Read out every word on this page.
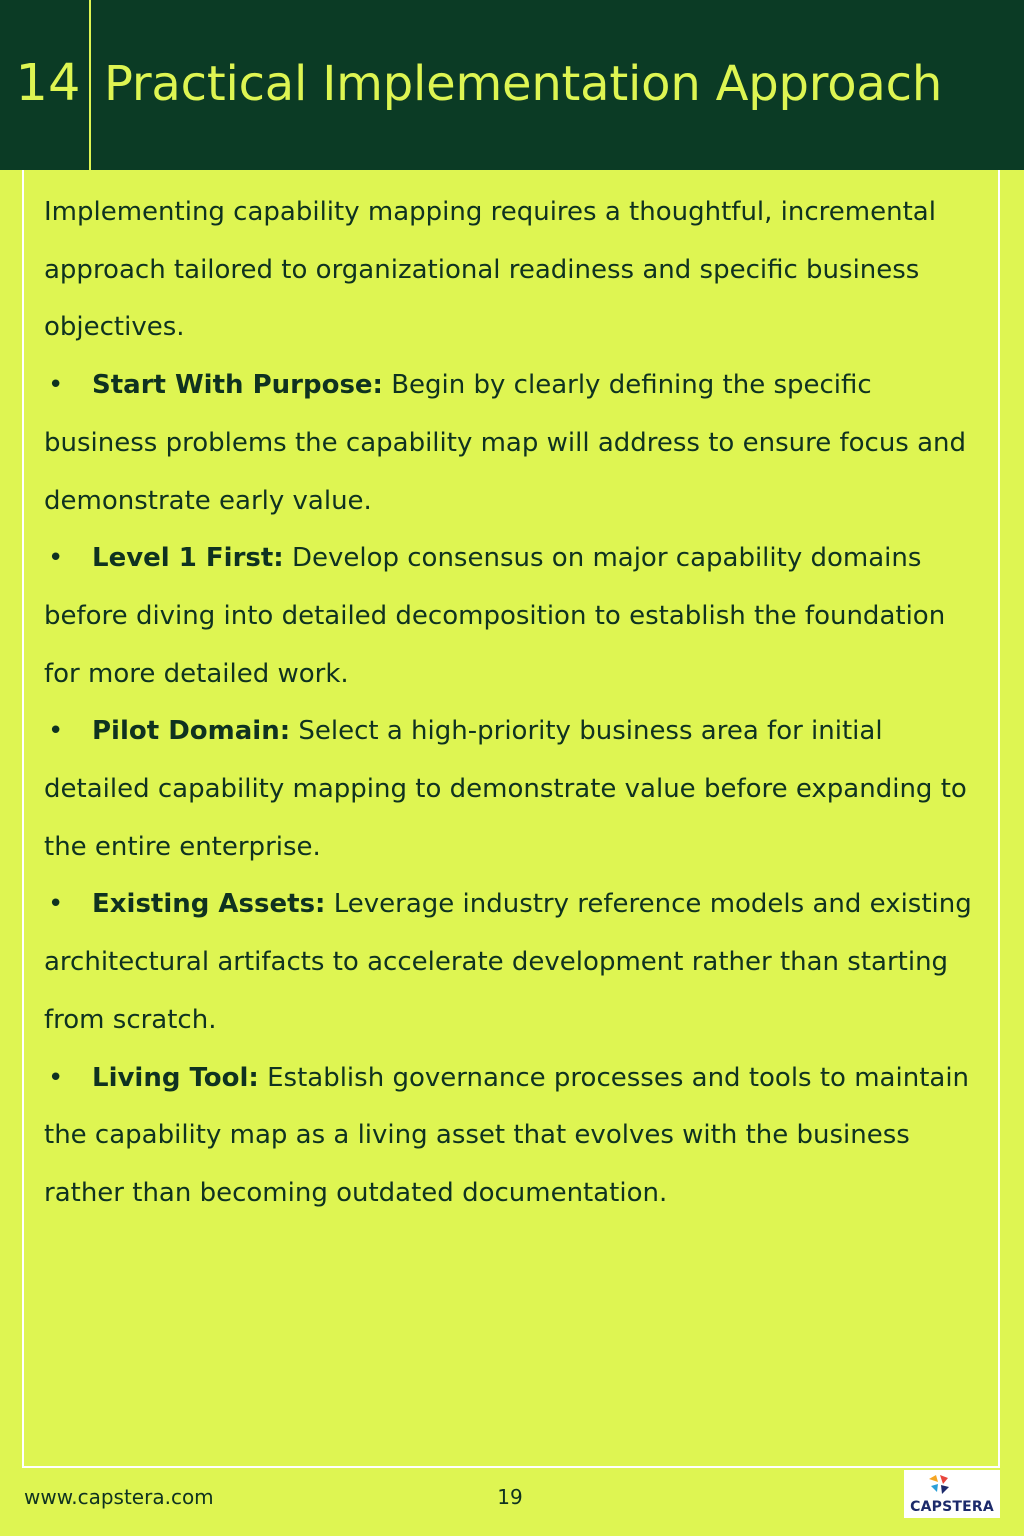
14 Practical Implementation Approach
Implementing capability mapping requires a thoughtful, incremental approach tailored to organizational readiness and specific business objectives.
• Start With Purpose: Begin by clearly defining the specific business problems the capability map will address to ensure focus and demonstrate early value.
• Level 1 First: Develop consensus on major capability domains before diving into detailed decomposition to establish the foundation for more detailed work.
• Pilot Domain: Select a high-priority business area for initial detailed capability mapping to demonstrate value before expanding to the entire enterprise.
• Existing Assets: Leverage industry reference models and existing architectural artifacts to accelerate development rather than starting from scratch.
• Living Tool: Establish governance processes and tools to maintain the capability map as a living asset that evolves with the business rather than becoming outdated documentation.
www.capstera.com	19	CAPSTERA
